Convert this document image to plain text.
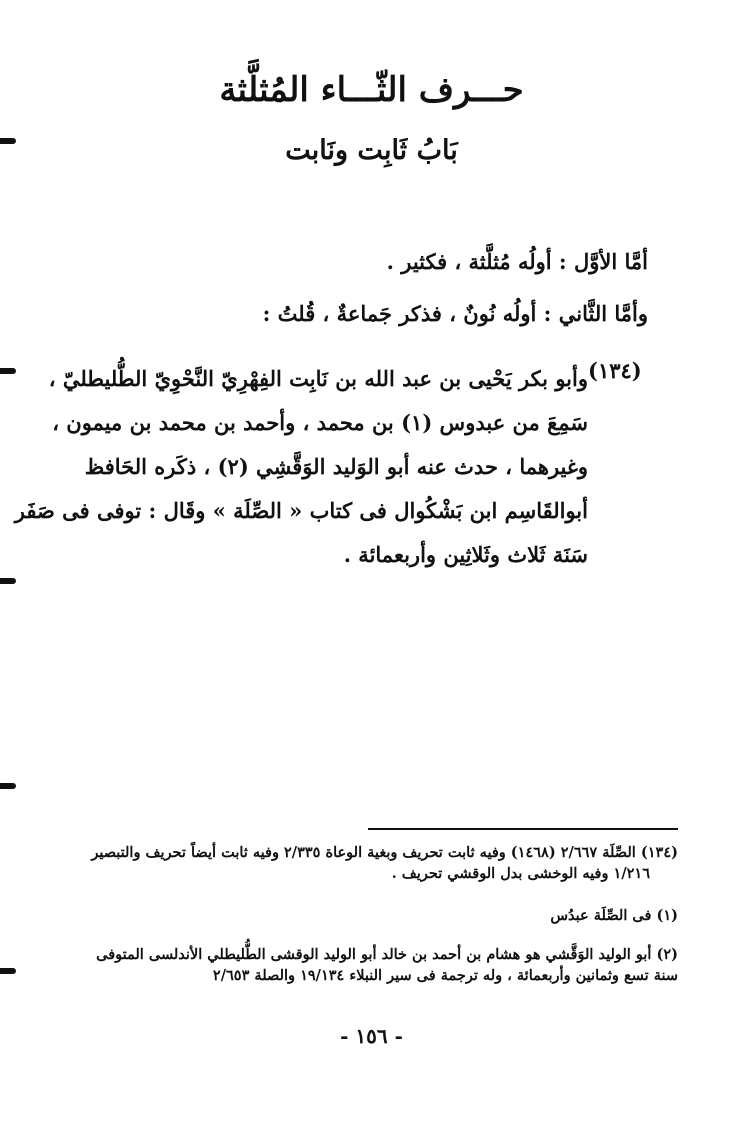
حـــرف الثّـــاء المُثلَّثة
بَابُ ثَابِت ونَابت
أمَّا الأوَّل : أولُه مُثلَّثة ، فكثير .
وأمَّا الثَّاني : أولُه نُونٌ ، فذكر جَماعةٌ ، قُلتُ :
(١٣٤)
وأبو بكر يَحْيى بن عبد الله بن نَابِت الفِهْرِيّ النَّحْوِيّ الطُّليطليّ ،
سَمِعَ من عبدوس (١) بن محمد ، وأحمد بن محمد بن ميمون ،
وغيرهما ، حدث عنه أبو الوَليد الوَقَّشِي (٢) ، ذكَره الحَافظ
أبوالقَاسِم ابن بَشْكُوال فى كتاب « الصِّلَة » وقَال : توفى فى صَفَر
سَنَة ثَلاث وثَلاثِين وأربعمائة .
(١٣٤) الصِّلَة ٢/٦٦٧ (١٤٦٨) وفيه ثابت تحريف وبغية الوعاة ٢/٣٣٥ وفيه ثابت أيضاً تحريف والتبصير
١/٢١٦ وفيه الوخشى بدل الوقشي تحريف .
(١) فى الصِّلَة عبدُس
(٢) أبو الوليد الوَقَّشي هو هشام بن أحمد بن خالد أبو الوليد الوقشى الطُّليطلي الأندلسى المتوفى
سنة تسع وثمانين وأربعمائة ، وله ترجمة فى سير النبلاء ١٩/١٣٤ والصلة ٢/٦٥٣
- ١٥٦ -
